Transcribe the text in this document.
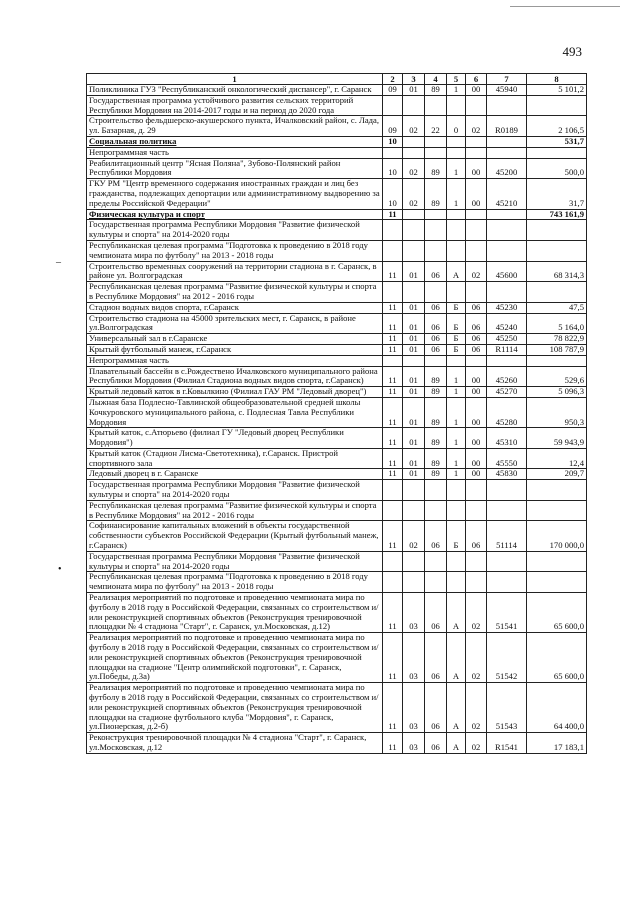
493
–
•
1	2	3	4	5	6	7	8
Поликлиника ГУЗ "Республиканский онкологический диспансер", г. Саранск	09	01	89	1	00	45940	5 101,2
Государственная программа устойчивого развития сельских территорий Республики Мордовия на 2014-2017 годы и на период до 2020 года							
Строительство фельдшерско-акушерского пункта, Ичалковский район, с. Лада, ул. Базарная, д. 29	09	02	22	0	02	R0189	2 106,5
Социальная политика	10						531,7
Непрограммная часть							
Реабилитационный центр "Ясная Поляна", Зубово-Полянский район Республики Мордовия	10	02	89	1	00	45200	500,0
ГКУ РМ "Центр временного содержания иностранных граждан и лиц без гражданства, подлежащих депортации или административному выдворению за пределы Российской Федерации"	10	02	89	1	00	45210	31,7
Физическая культура и спорт	11						743 161,9
Государственная программа Республики Мордовия "Развитие физической культуры и спорта" на 2014-2020 годы							
Республиканская целевая программа "Подготовка к проведению в 2018 году чемпионата мира по футболу" на 2013 - 2018 годы							
Строительство временных сооружений на территории стадиона в г. Саранск, в районе ул. Волгоградская	11	01	06	А	02	45600	68 314,3
Республиканская целевая программа "Развитие физической культуры и спорта в Республике Мордовия" на 2012 - 2016 годы							
Стадион водных видов спорта, г.Саранск	11	01	06	Б	06	45230	47,5
Строительство стадиона на 45000 зрительских мест, г. Саранск, в районе ул.Волгоградская	11	01	06	Б	06	45240	5 164,0
Универсальный зал в г.Саранске	11	01	06	Б	06	45250	78 822,9
Крытый футбольный манеж, г.Саранск	11	01	06	Б	06	R1114	108 787,9
Непрограммная часть							
Плавательный бассейн в с.Рождествено Ичалковского муниципального района Республики Мордовия (Филиал Стадиона водных видов спорта, г.Саранск)	11	01	89	1	00	45260	529,6
Крытый ледовый каток в г.Ковылкино (Филиал ГАУ РМ "Ледовый дворец")	11	01	89	1	00	45270	5 096,3
Лыжная база Подлесно-Тавлинской общеобразовательной средней школы Кочкуровского муниципального района, с. Подлесная Тавла Республики Мордовия	11	01	89	1	00	45280	950,3
Крытый каток, с.Атюрьево (филиал ГУ "Ледовый дворец Республики Мордовия")	11	01	89	1	00	45310	59 943,9
Крытый каток (Стадион Лисма-Светотехника), г.Саранск. Пристрой спортивного зала	11	01	89	1	00	45550	12,4
Ледовый дворец в г. Саранске	11	01	89	1	00	45830	209,7
Государственная программа Республики Мордовия "Развитие физической культуры и спорта" на 2014-2020 годы							
Республиканская целевая программа "Развитие физической культуры и спорта в Республике Мордовия" на 2012 - 2016 годы							
Софинансирование капитальных вложений в объекты государственной собственности субъектов Российской Федерации (Крытый футбольный манеж, г.Саранск)	11	02	06	Б	06	51114	170 000,0
Государственная программа Республики Мордовия "Развитие физической культуры и спорта" на 2014-2020 годы							
Республиканская целевая программа "Подготовка к проведению в 2018 году чемпионата мира по футболу" на 2013 - 2018 годы							
Реализация мероприятий по подготовке и проведению чемпионата мира по футболу в 2018 году в Российской Федерации, связанных со строительством и/или реконструкцией спортивных объектов (Реконструкция тренировочной площадки № 4 стадиона "Старт", г. Саранск, ул.Московская, д.12)	11	03	06	А	02	51541	65 600,0
Реализация мероприятий по подготовке и проведению чемпионата мира по футболу в 2018 году в Российской Федерации, связанных со строительством и/или реконструкцией спортивных объектов (Реконструкция тренировочной площадки на стадионе "Центр олимпийской подготовки", г. Саранск, ул.Победы, д.3а)	11	03	06	А	02	51542	65 600,0
Реализация мероприятий по подготовке и проведению чемпионата мира по футболу в 2018 году в Российской Федерации, связанных со строительством и/или реконструкцией спортивных объектов (Реконструкция тренировочной площадки на стадионе футбольного клуба "Мордовия", г. Саранск, ул.Пионерская, д.2-б)	11	03	06	А	02	51543	64 400,0
Реконструкция тренировочной площадки № 4 стадиона "Старт", г. Саранск, ул.Московская, д.12	11	03	06	А	02	R1541	17 183,1
